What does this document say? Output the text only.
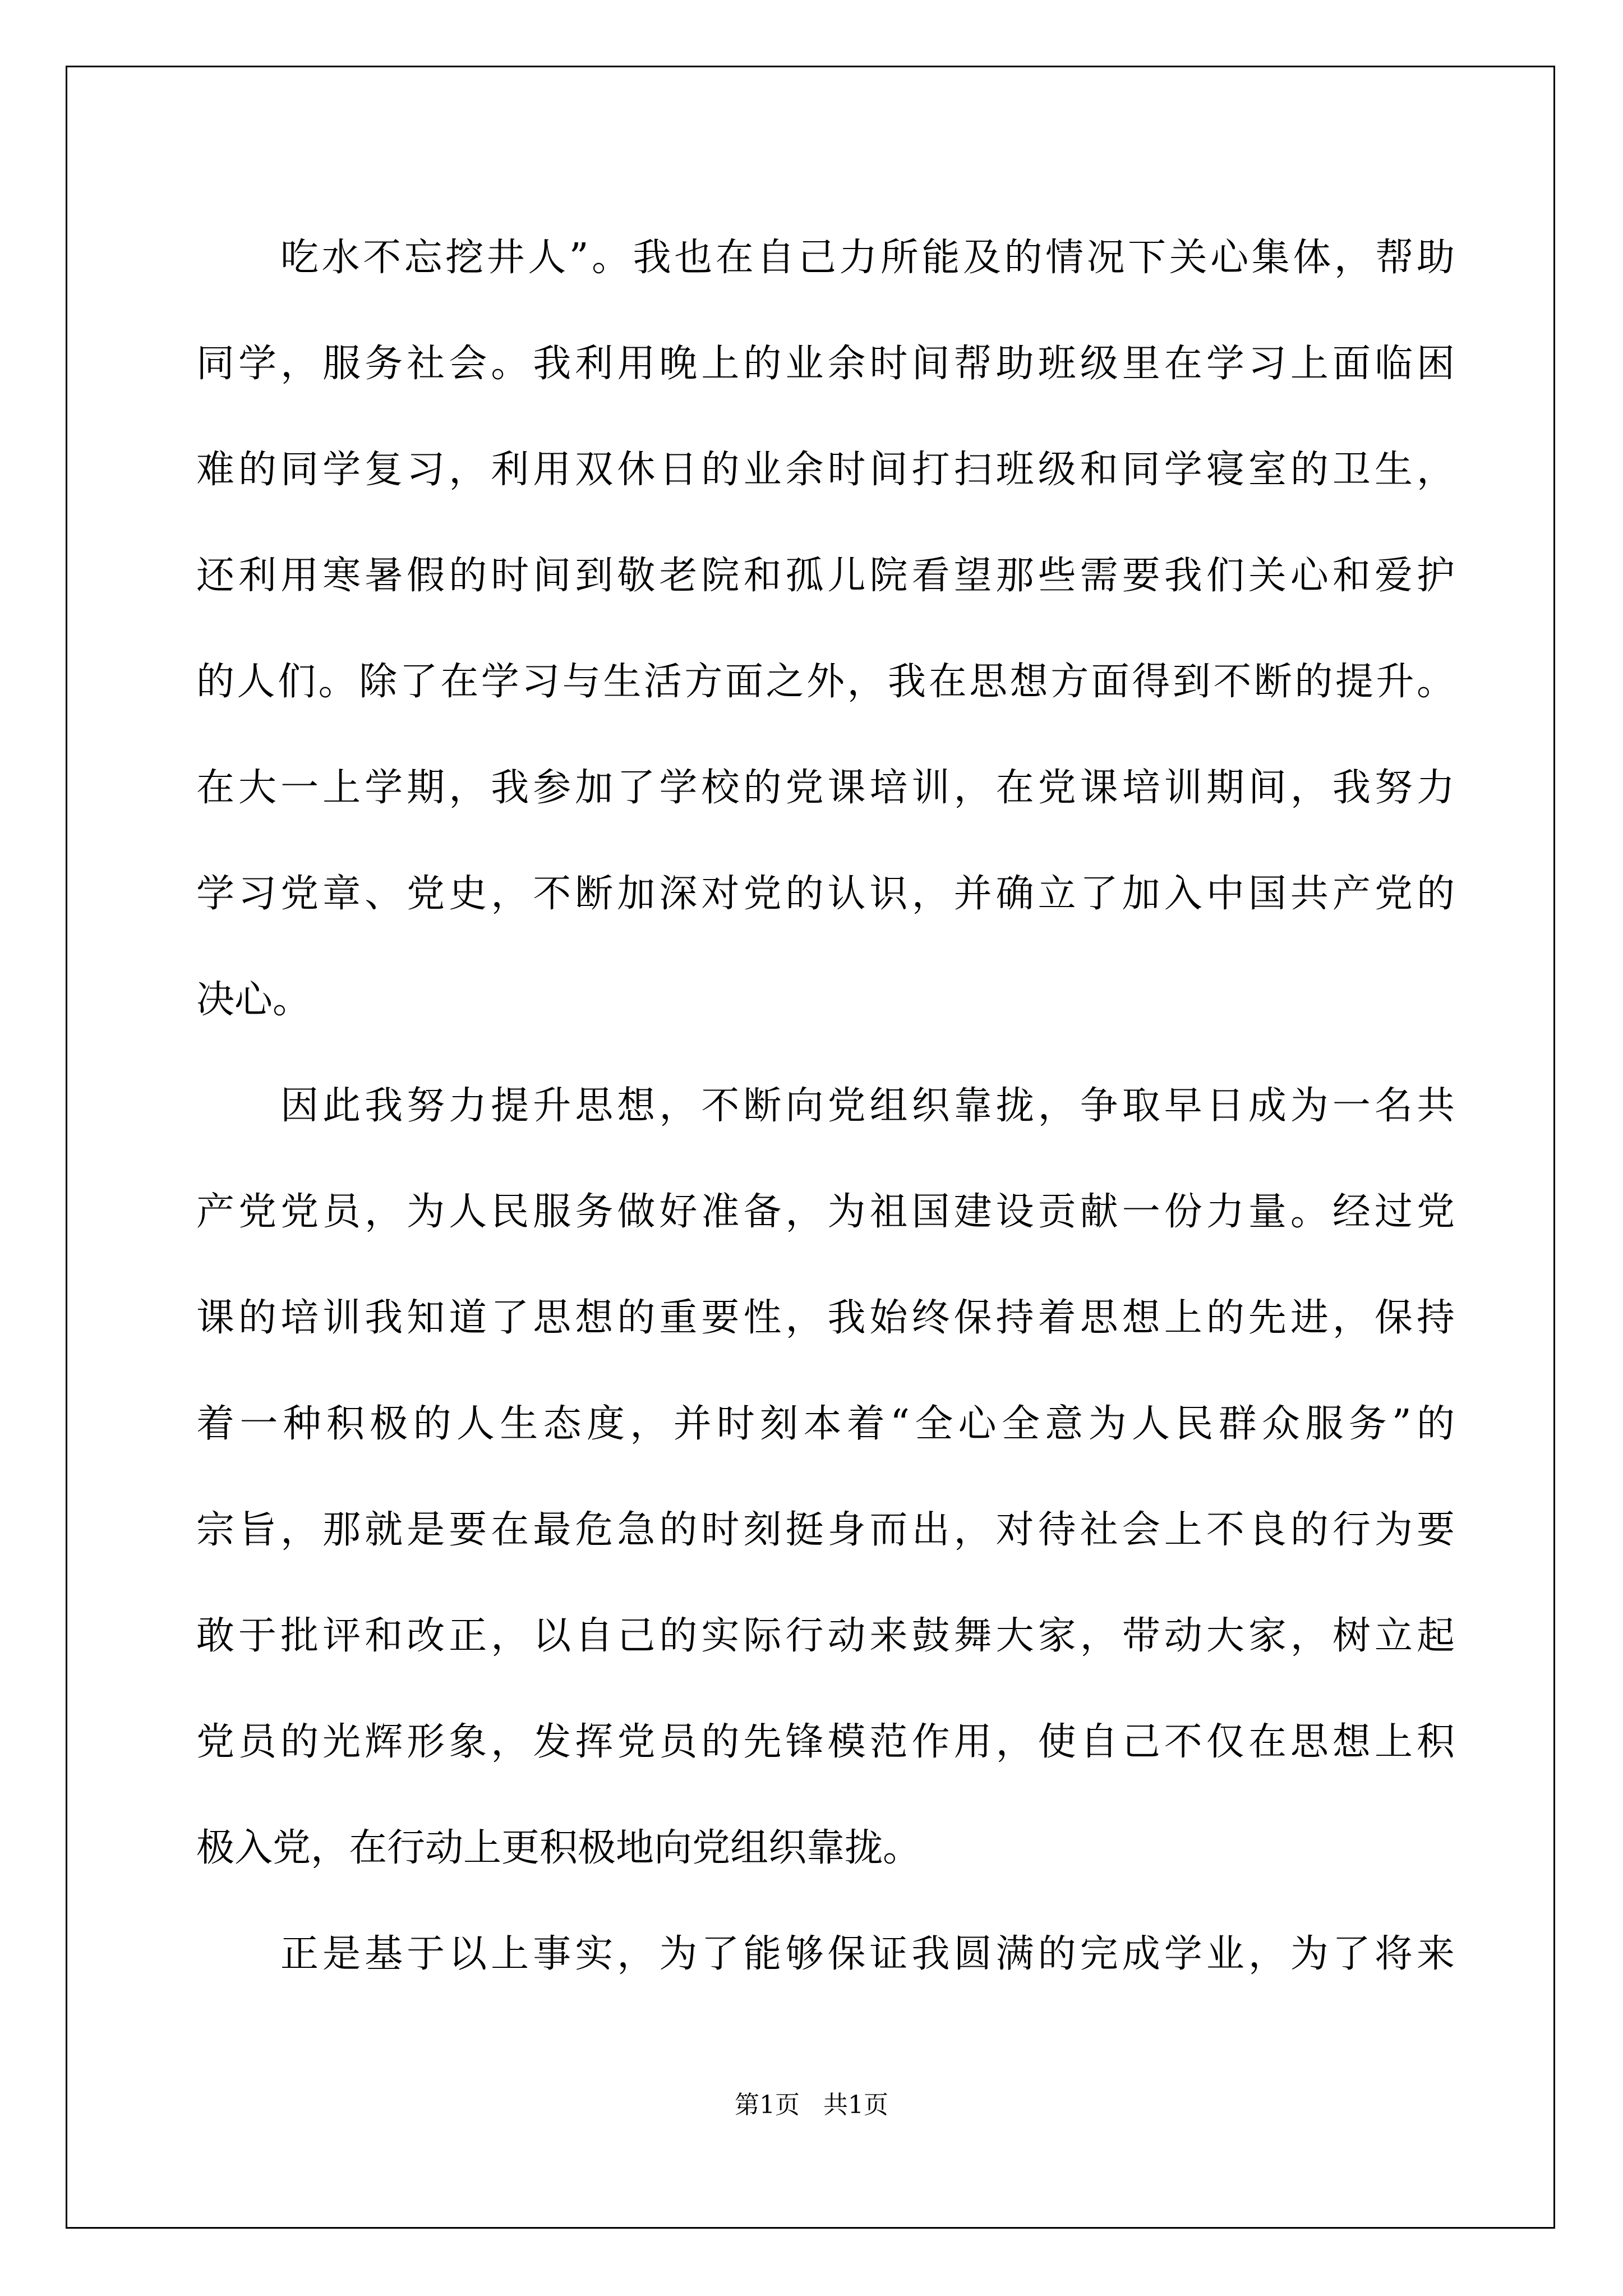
吃水不忘挖井人”。我也在自己力所能及的情况下关心集体，帮助
同学，服务社会。我利用晚上的业余时间帮助班级里在学习上面临困
难的同学复习，利用双休日的业余时间打扫班级和同学寝室的卫生，
还利用寒暑假的时间到敬老院和孤儿院看望那些需要我们关心和爱护
的人们。除了在学习与生活方面之外，我在思想方面得到不断的提升。
在大一上学期，我参加了学校的党课培训，在党课培训期间，我努力
学习党章、党史，不断加深对党的认识，并确立了加入中国共产党的
决心。
因此我努力提升思想，不断向党组织靠拢，争取早日成为一名共
产党党员，为人民服务做好准备，为祖国建设贡献一份力量。经过党
课的培训我知道了思想的重要性，我始终保持着思想上的先进，保持
着一种积极的人生态度，并时刻本着“全心全意为人民群众服务”的
宗旨，那就是要在最危急的时刻挺身而出，对待社会上不良的行为要
敢于批评和改正，以自己的实际行动来鼓舞大家，带动大家，树立起
党员的光辉形象，发挥党员的先锋模范作用，使自己不仅在思想上积
极入党，在行动上更积极地向党组织靠拢。
正是基于以上事实，为了能够保证我圆满的完成学业，为了将来
第1页   共1页
